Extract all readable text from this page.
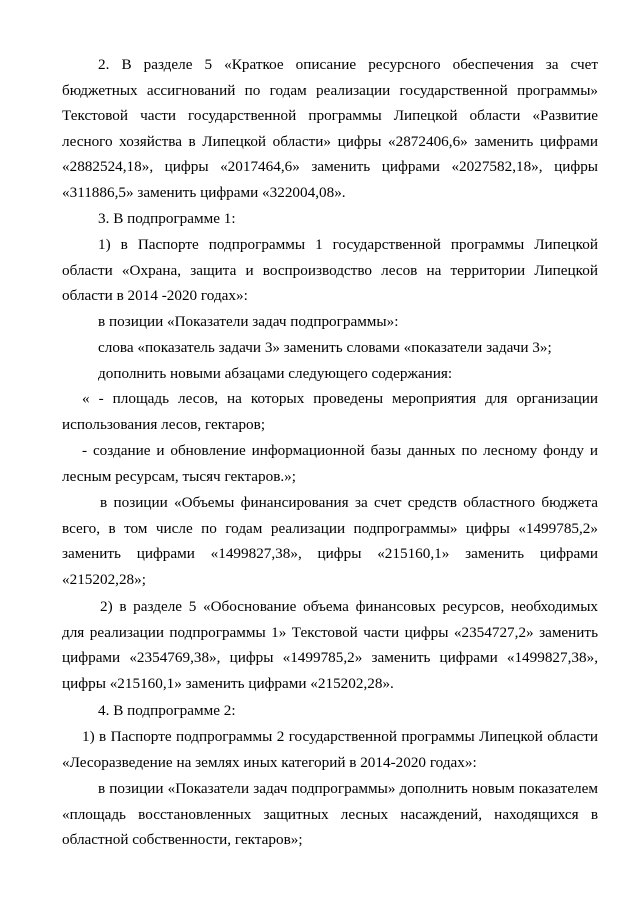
2. В разделе 5 «Краткое описание ресурсного обеспечения за счет бюджетных ассигнований по годам реализации государственной программы» Текстовой части государственной программы Липецкой области «Развитие лесного хозяйства в Липецкой области» цифры «2872406,6» заменить цифрами «2882524,18», цифры «2017464,6» заменить цифрами «2027582,18», цифры «311886,5» заменить цифрами «322004,08».

3. В подпрограмме 1:

1) в Паспорте подпрограммы 1 государственной программы Липецкой области «Охрана, защита и воспроизводство лесов на территории Липецкой области в 2014 -2020 годах»:

в позиции «Показатели задач подпрограммы»:

слова «показатель задачи 3» заменить словами «показатели задачи 3»;

дополнить новыми абзацами следующего содержания:

« - площадь лесов, на которых проведены мероприятия для организации использования лесов, гектаров;

- создание и обновление информационной базы данных по лесному фонду и лесным ресурсам, тысяч гектаров.»;

в позиции «Объемы финансирования за счет средств областного бюджета всего, в том числе по годам реализации подпрограммы» цифры «1499785,2» заменить цифрами «1499827,38», цифры «215160,1» заменить цифрами «215202,28»;

2) в разделе 5 «Обоснование объема финансовых ресурсов, необходимых для реализации подпрограммы 1» Текстовой части цифры «2354727,2» заменить цифрами «2354769,38», цифры «1499785,2» заменить цифрами «1499827,38», цифры «215160,1» заменить цифрами «215202,28».

4. В подпрограмме 2:

1) в Паспорте подпрограммы 2 государственной программы Липецкой области «Лесоразведение на землях иных категорий в 2014-2020 годах»:

в позиции «Показатели задач подпрограммы» дополнить новым показателем «площадь восстановленных защитных лесных насаждений, находящихся в областной собственности, гектаров»;
